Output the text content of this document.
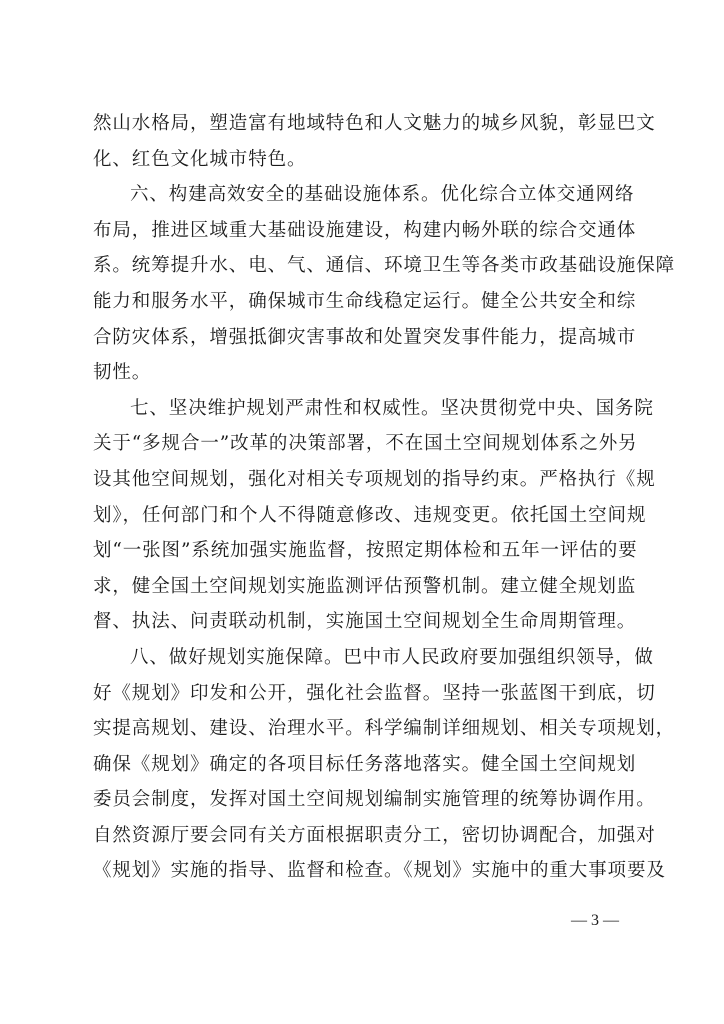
然山水格局，塑造富有地域特色和人文魅力的城乡风貌，彰显巴文
化、红色文化城市特色。
六、构建高效安全的基础设施体系。优化综合立体交通网络
布局，推进区域重大基础设施建设，构建内畅外联的综合交通体
系。统筹提升水、电、气、通信、环境卫生等各类市政基础设施保障
能力和服务水平，确保城市生命线稳定运行。健全公共安全和综
合防灾体系，增强抵御灾害事故和处置突发事件能力，提高城市
韧性。
七、坚决维护规划严肃性和权威性。坚决贯彻党中央、国务院
关于“多规合一”改革的决策部署，不在国土空间规划体系之外另
设其他空间规划，强化对相关专项规划的指导约束。严格执行《规
划》，任何部门和个人不得随意修改、违规变更。依托国土空间规
划“一张图”系统加强实施监督，按照定期体检和五年一评估的要
求，健全国土空间规划实施监测评估预警机制。建立健全规划监
督、执法、问责联动机制，实施国土空间规划全生命周期管理。
八、做好规划实施保障。巴中市人民政府要加强组织领导，做
好《规划》印发和公开，强化社会监督。坚持一张蓝图干到底，切
实提高规划、建设、治理水平。科学编制详细规划、相关专项规划，
确保《规划》确定的各项目标任务落地落实。健全国土空间规划
委员会制度，发挥对国土空间规划编制实施管理的统筹协调作用。
自然资源厅要会同有关方面根据职责分工，密切协调配合，加强对
《规划》实施的指导、监督和检查。《规划》实施中的重大事项要及
— 3 —
